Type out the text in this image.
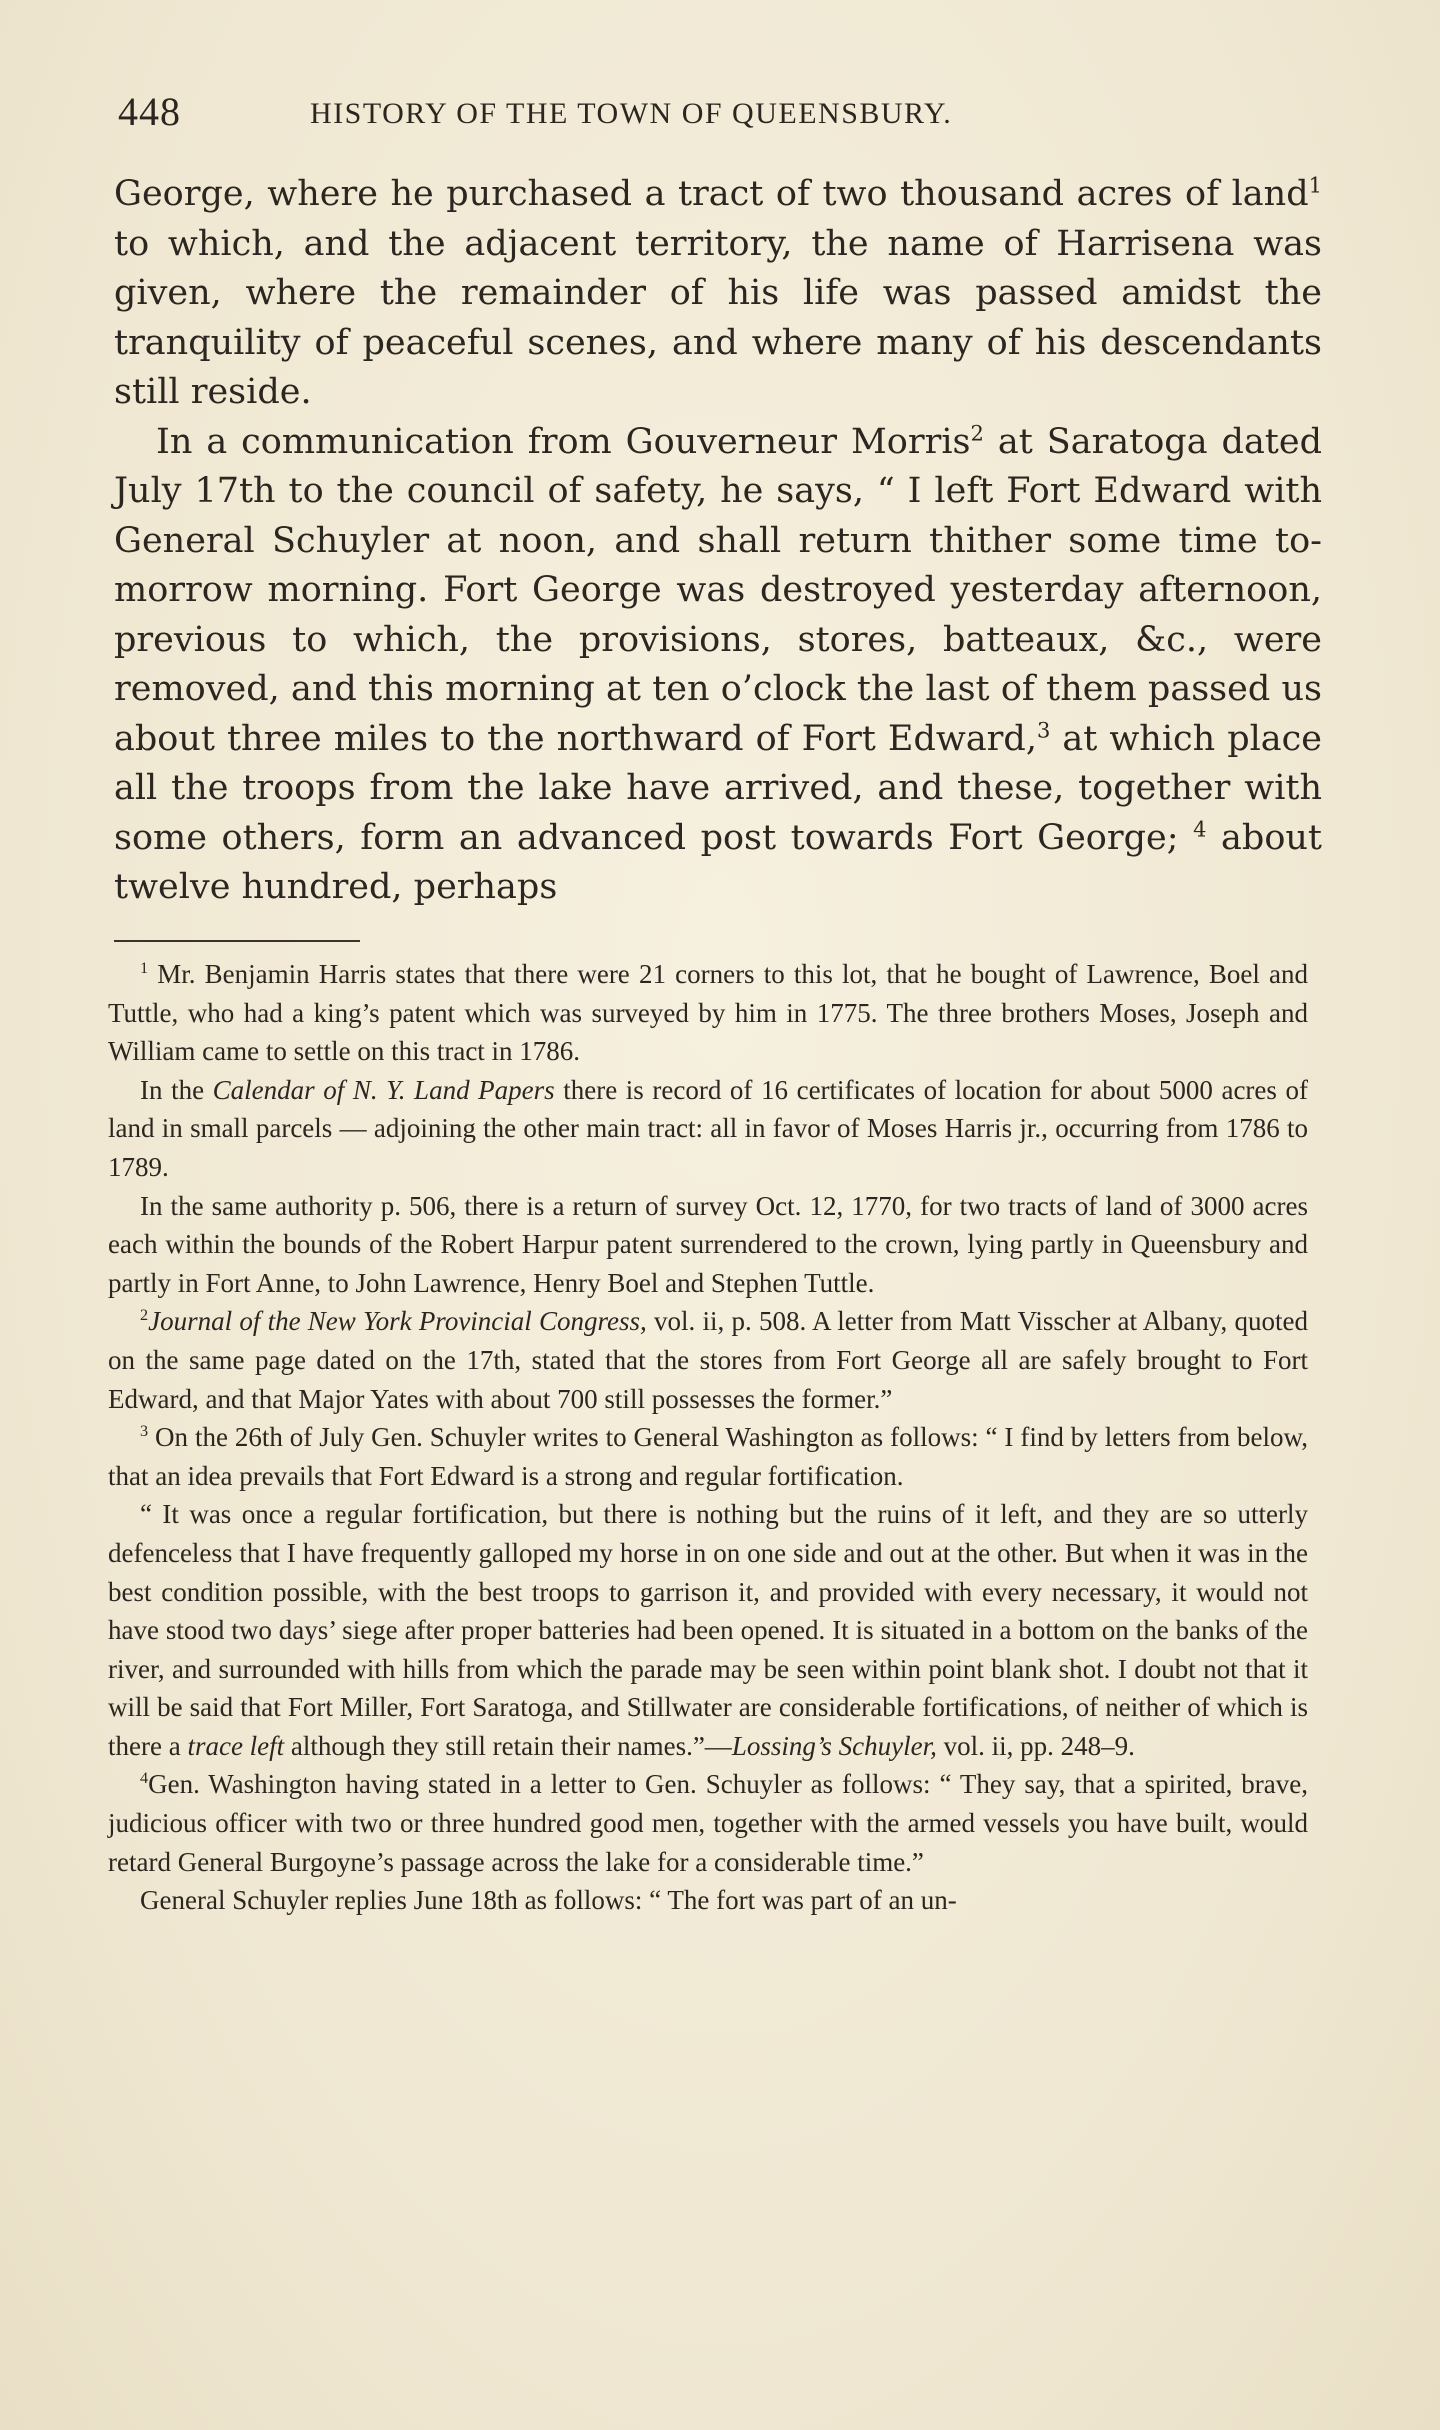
448	HISTORY OF THE TOWN OF QUEENSBURY.

George, where he purchased a tract of two thousand acres of land$^1$ to which, and the adjacent territory, the name of Harrisena was given, where the remainder of his life was passed amidst the tranquility of peaceful scenes, and where many of his descendants still reside.

In a communication from Gouverneur Morris$^2$ at Saratoga dated July 17th to the council of safety, he says, “ I left Fort Edward with General Schuyler at noon, and shall return thither some time to-morrow morning. Fort George was destroyed yesterday afternoon, previous to which, the provisions, stores, batteaux, &c., were removed, and this morning at ten o’clock the last of them passed us about three miles to the northward of Fort Edward,$^3$ at which place all the troops from the lake have arrived, and these, together with some others, form an advanced post towards Fort George; $^4$ about twelve hundred, perhaps

$^1$ Mr. Benjamin Harris states that there were 21 corners to this lot, that he bought of Lawrence, Boel and Tuttle, who had a king’s patent which was surveyed by him in 1775. The three brothers Moses, Joseph and William came to settle on this tract in 1786.

In the Calendar of N. Y. Land Papers there is record of 16 certificates of location for about 5000 acres of land in small parcels — adjoining the other main tract: all in favor of Moses Harris jr., occurring from 1786 to 1789.

In the same authority p. 506, there is a return of survey Oct. 12, 1770, for two tracts of land of 3000 acres each within the bounds of the Robert Harpur patent surrendered to the crown, lying partly in Queensbury and partly in Fort Anne, to John Lawrence, Henry Boel and Stephen Tuttle.

$^2$Journal of the New York Provincial Congress, vol. ii, p. 508. A letter from Matt Visscher at Albany, quoted on the same page dated on the 17th, stated that the stores from Fort George all are safely brought to Fort Edward, and that Major Yates with about 700 still possesses the former.”

$^3$ On the 26th of July Gen. Schuyler writes to General Washington as follows: “ I find by letters from below, that an idea prevails that Fort Edward is a strong and regular fortification.

“ It was once a regular fortification, but there is nothing but the ruins of it left, and they are so utterly defenceless that I have frequently galloped my horse in on one side and out at the other. But when it was in the best condition possible, with the best troops to garrison it, and provided with every necessary, it would not have stood two days’ siege after proper batteries had been opened. It is situated in a bottom on the banks of the river, and surrounded with hills from which the parade may be seen within point blank shot. I doubt not that it will be said that Fort Miller, Fort Saratoga, and Stillwater are considerable fortifications, of neither of which is there a trace left although they still retain their names.”—Lossing’s Schuyler, vol. ii, pp. 248–9.

$^4$Gen. Washington having stated in a letter to Gen. Schuyler as follows: “ They say, that a spirited, brave, judicious officer with two or three hundred good men, together with the armed vessels you have built, would retard General Burgoyne’s passage across the lake for a considerable time.”

General Schuyler replies June 18th as follows: “ The fort was part of an un-
